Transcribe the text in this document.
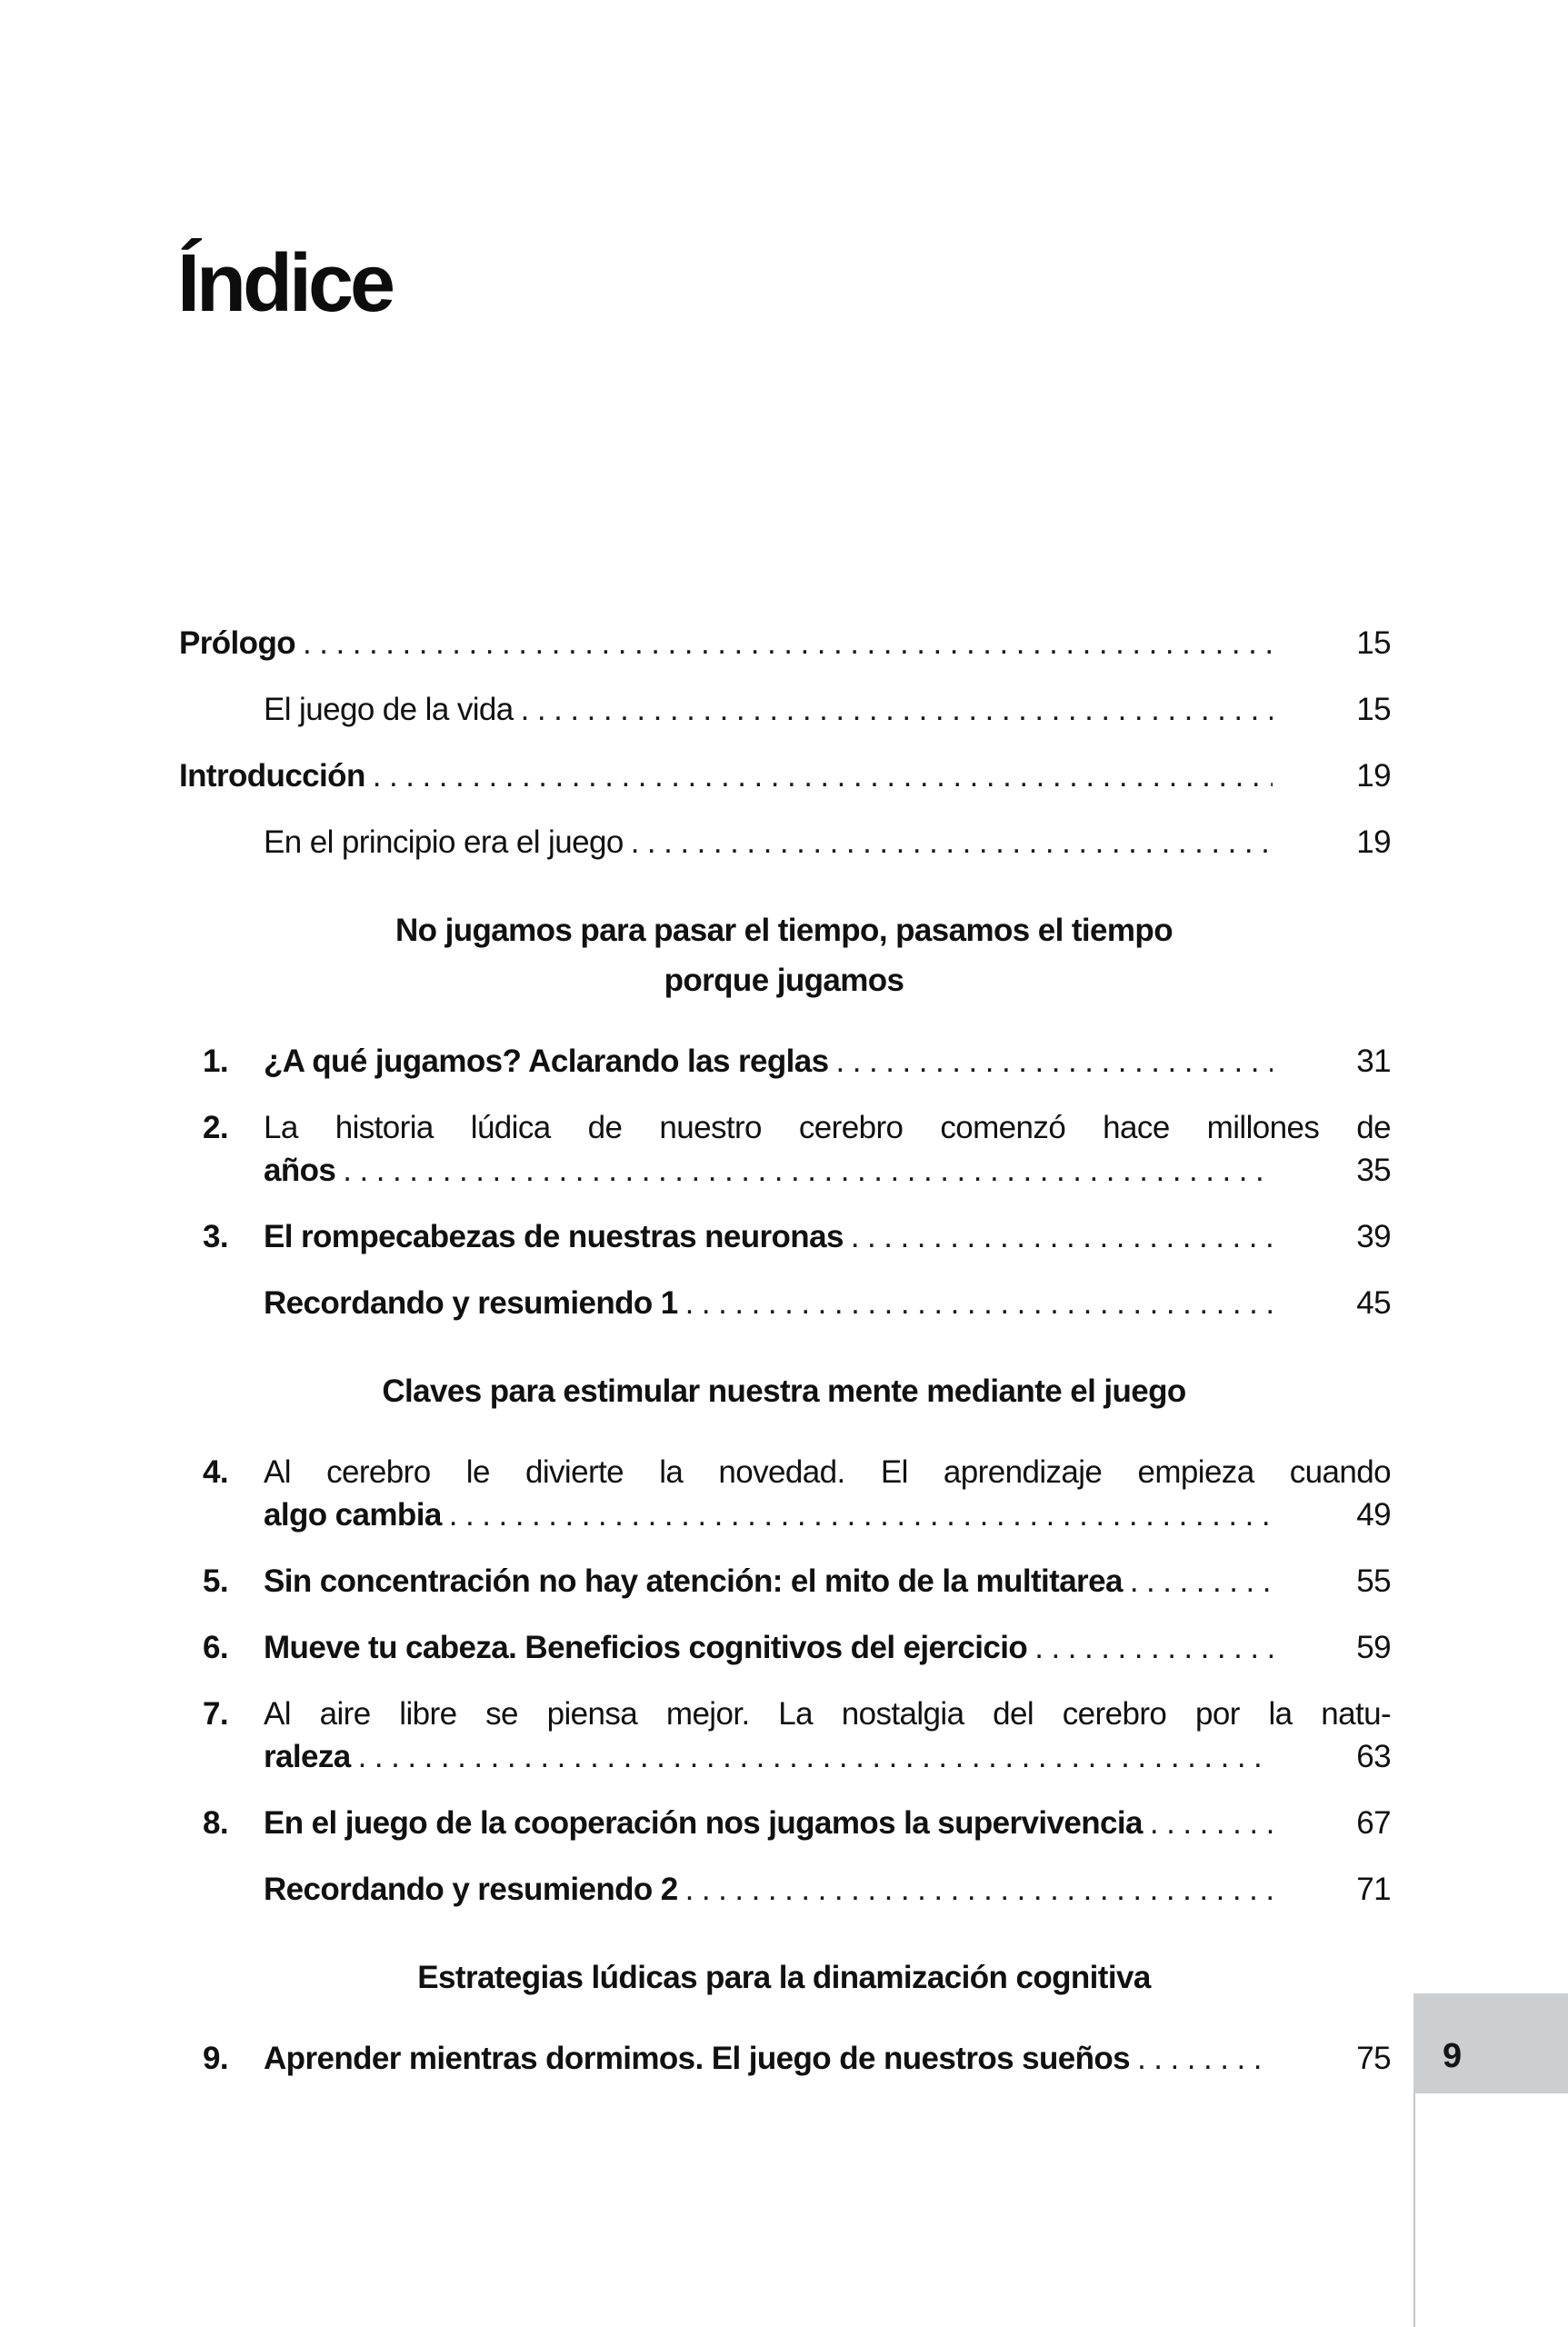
Índice
Prólogo . . .	15
El juego de la vida . . .	15
Introducción . . .	19
En el principio era el juego . . .	19
No jugamos para pasar el tiempo, pasamos el tiempo
porque jugamos
1. ¿A qué jugamos? Aclarando las reglas . . .	31
2. La historia lúdica de nuestro cerebro comenzó hace millones de
años . . .	35
3. El rompecabezas de nuestras neuronas . . .	39
Recordando y resumiendo 1 . . .	45
Claves para estimular nuestra mente mediante el juego
4. Al cerebro le divierte la novedad. El aprendizaje empieza cuando
algo cambia . . .	49
5. Sin concentración no hay atención: el mito de la multitarea . . .	55
6. Mueve tu cabeza. Beneficios cognitivos del ejercicio . . .	59
7. Al aire libre se piensa mejor. La nostalgia del cerebro por la natu-
raleza . . .	63
8. En el juego de la cooperación nos jugamos la supervivencia . . .	67
Recordando y resumiendo 2 . . .	71
Estrategias lúdicas para la dinamización cognitiva
9. Aprender mientras dormimos. El juego de nuestros sueños . . .	75	9
